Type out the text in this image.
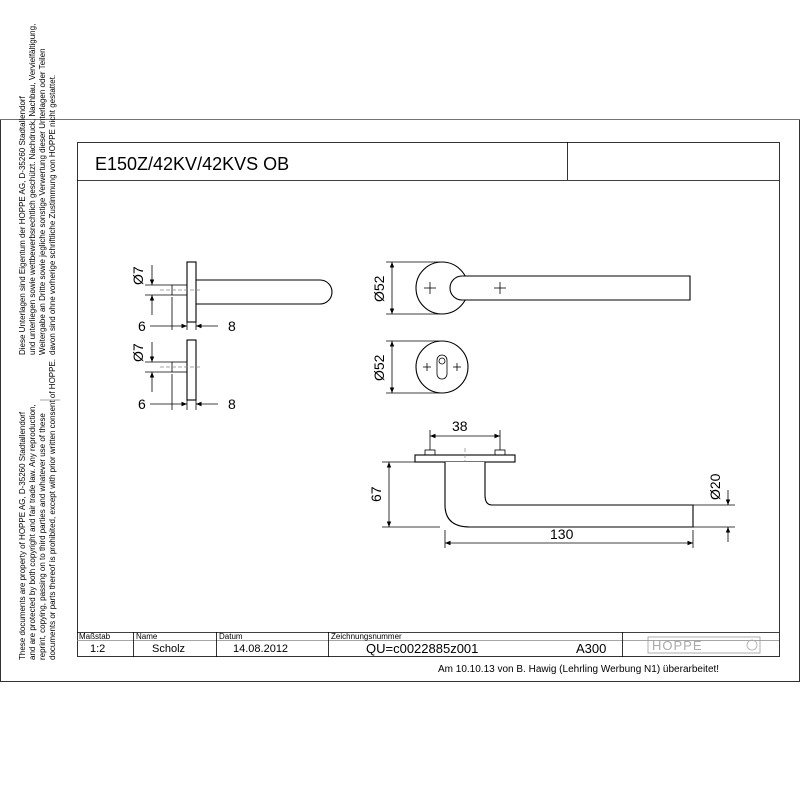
E150Z/42KV/42KVS OB
Diese Unterlagen sind Eigentum der HOPPE AG, D-35260 Stadtallendorf und unterliegen sowie wettbewerbsrechtlich geschützt. Nachdruck, Nachbau, Vervielfältigung, Weitergabe an Dritte sowie jegliche sonstige Verwertung dieser Unterlagen oder Teilen davon sind ohne vorherige schriftliche Zustimmung von HOPPE nicht gestattet.
These documents are property of HOPPE AG, D-35260 Stadtallendorf and are protected by both copyright and fair trade law. Any reproduction, reprint, copying, passing on to third parties and whatever use of these documents or parts thereof is prohibited, except with prior written consent of HOPPE.
Ø7
6	8
Ø7
6	8
Ø52
Ø52
38
67	Ø20
130
Maßstab
1:2
Name
Scholz
Datum
14.08.2012
Zeichnungsnummer
QU=c0022885z001	A300	HOPPE
Am 10.10.13 von B. Hawig (Lehrling Werbung N1) überarbeitet!
